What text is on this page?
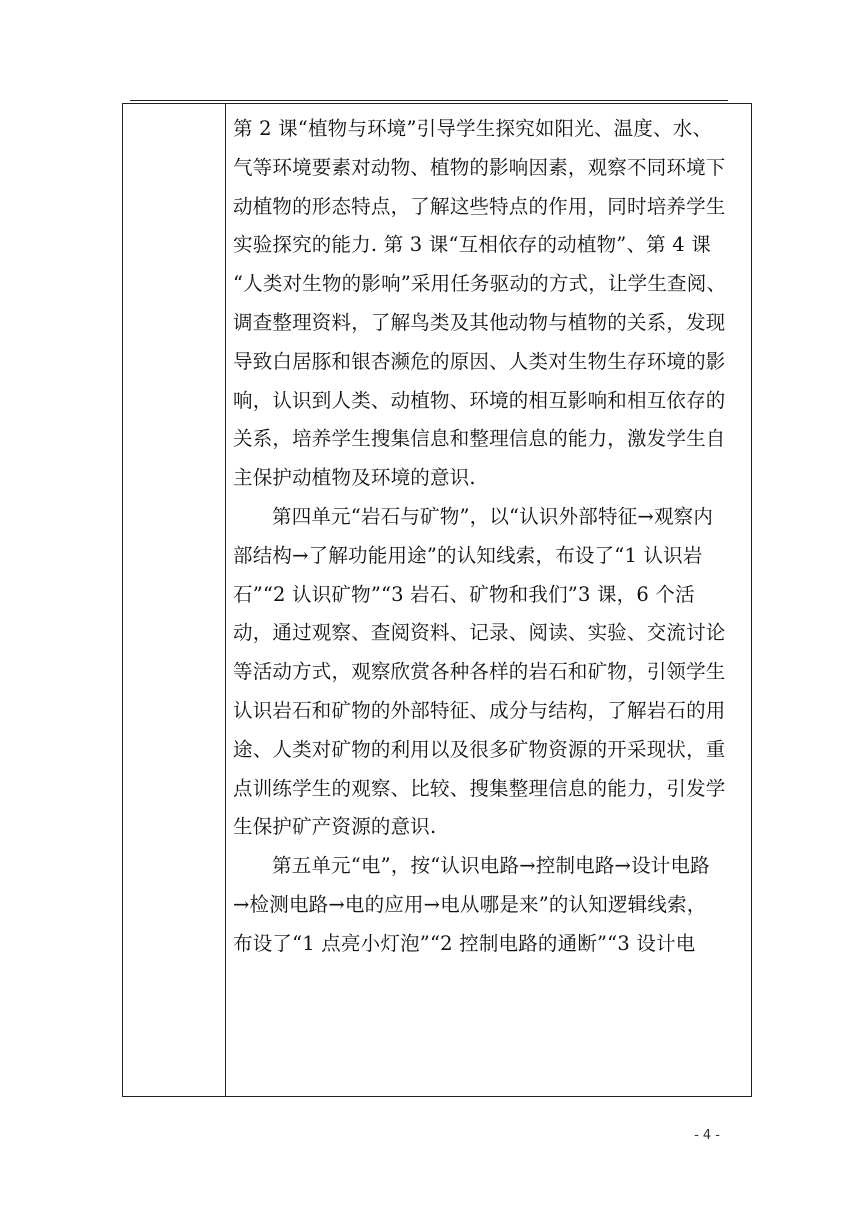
第 2 课“植物与环境”引导学生探究如阳光、温度、水、
气等环境要素对动物、植物的影响因素，观察不同环境下
动植物的形态特点，了解这些特点的作用，同时培养学生
实验探究的能力. 第 3 课“互相依存的动植物”、第 4 课
“人类对生物的影响”采用任务驱动的方式，让学生查阅、
调查整理资料，了解鸟类及其他动物与植物的关系，发现
导致白居豚和银杏濒危的原因、人类对生物生存环境的影
响，认识到人类、动植物、环境的相互影响和相互依存的
关系，培养学生搜集信息和整理信息的能力，激发学生自
主保护动植物及环境的意识.
第四单元“岩石与矿物”，以“认识外部特征→观察内
部结构→了解功能用途”的认知线索，布设了“1 认识岩
石”“2 认识矿物”“3 岩石、矿物和我们”3 课，6 个活
动，通过观察、查阅资料、记录、阅读、实验、交流讨论
等活动方式，观察欣赏各种各样的岩石和矿物，引领学生
认识岩石和矿物的外部特征、成分与结构，了解岩石的用
途、人类对矿物的利用以及很多矿物资源的开采现状，重
点训练学生的观察、比较、搜集整理信息的能力，引发学
生保护矿产资源的意识.
第五单元“电”，按“认识电路→控制电路→设计电路
→检测电路→电的应用→电从哪是来”的认知逻辑线索，
布设了“1 点亮小灯泡”“2 控制电路的通断”“3 设计电
- 4 -
